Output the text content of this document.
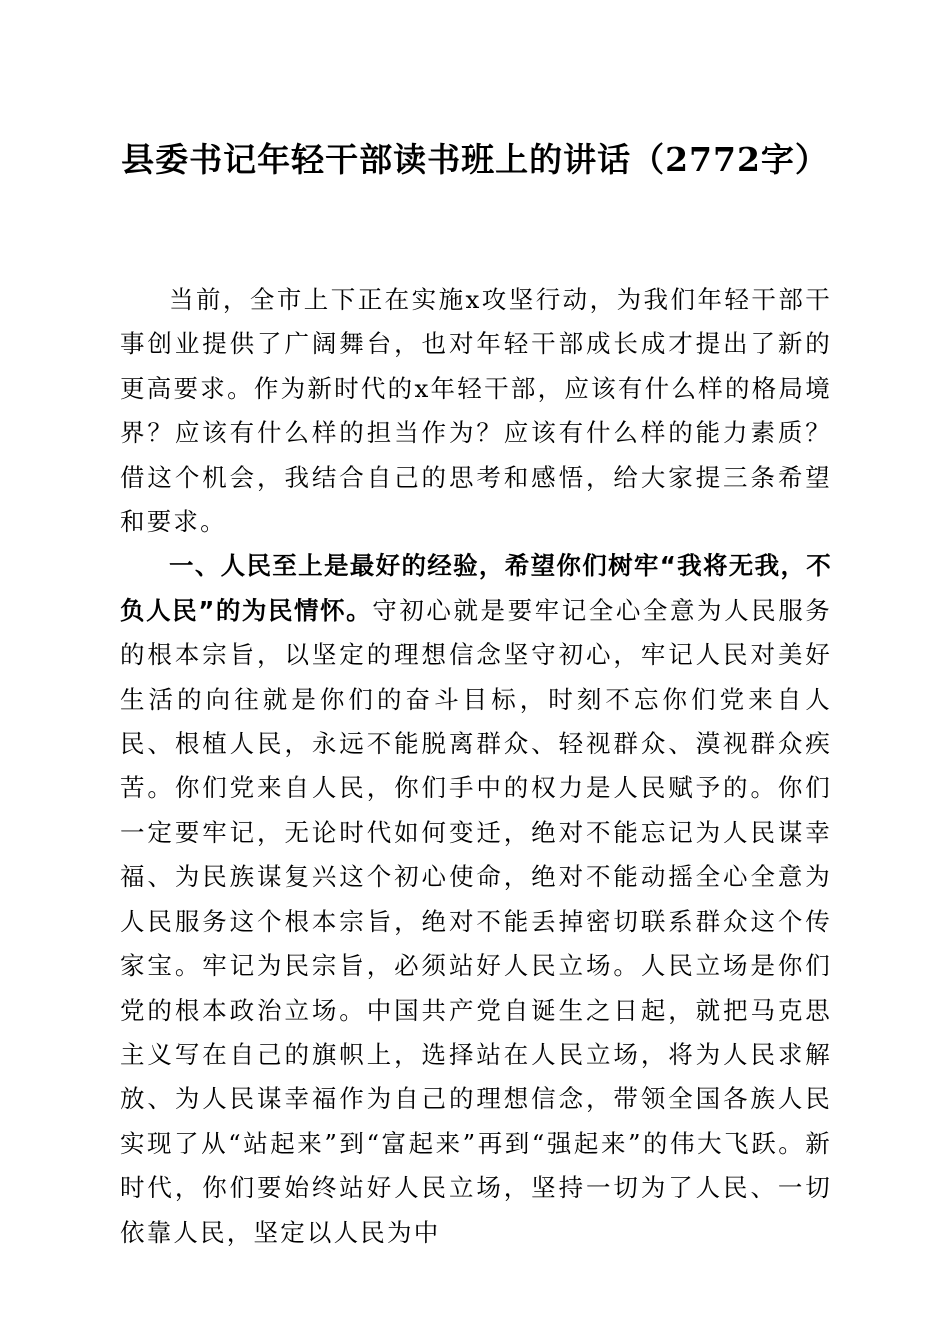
县委书记年轻干部读书班上的讲话（2772字）

当前，全市上下正在实施x攻坚行动，为我们年轻干部干事创业提供了广阔舞台，也对年轻干部成长成才提出了新的更高要求。作为新时代的x年轻干部，应该有什么样的格局境界？应该有什么样的担当作为？应该有什么样的能力素质？借这个机会，我结合自己的思考和感悟，给大家提三条希望和要求。

一、人民至上是最好的经验，希望你们树牢“我将无我，不负人民”的为民情怀。守初心就是要牢记全心全意为人民服务的根本宗旨，以坚定的理想信念坚守初心，牢记人民对美好生活的向往就是你们的奋斗目标，时刻不忘你们党来自人民、根植人民，永远不能脱离群众、轻视群众、漠视群众疾苦。你们党来自人民，你们手中的权力是人民赋予的。你们一定要牢记，无论时代如何变迁，绝对不能忘记为人民谋幸福、为民族谋复兴这个初心使命，绝对不能动摇全心全意为人民服务这个根本宗旨，绝对不能丢掉密切联系群众这个传家宝。牢记为民宗旨，必须站好人民立场。人民立场是你们党的根本政治立场。中国共产党自诞生之日起，就把马克思主义写在自己的旗帜上，选择站在人民立场，将为人民求解放、为人民谋幸福作为自己的理想信念，带领全国各族人民实现了从“站起来”到“富起来”再到“强起来”的伟大飞跃。新时代，你们要始终站好人民立场，坚持一切为了人民、一切依靠人民，坚定以人民为中
